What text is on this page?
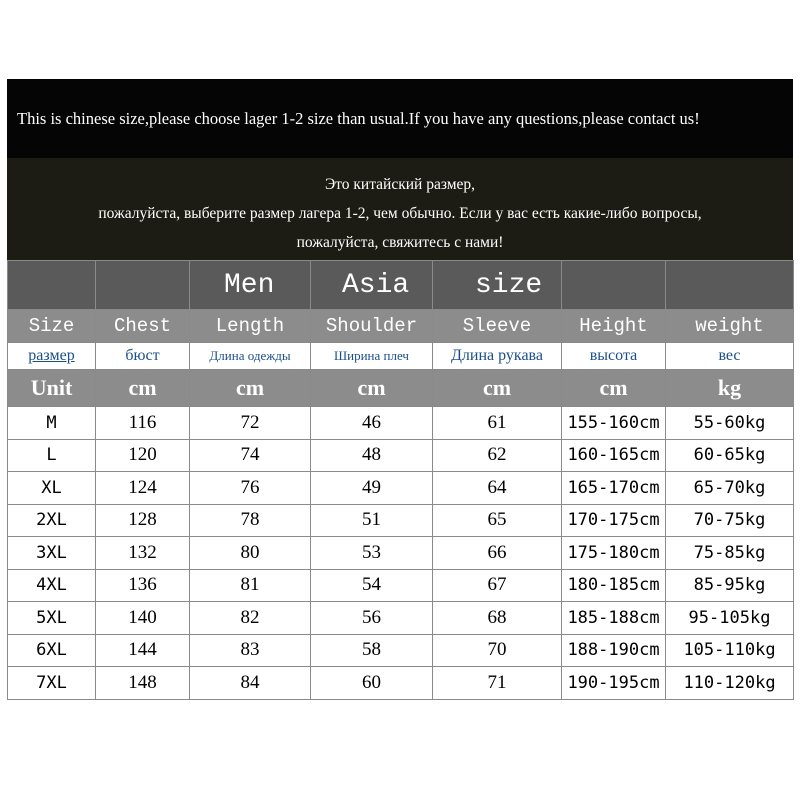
This is chinese size,please choose lager 1-2 size than usual.If you have any questions,please contact us!
Это китайский размер,
пожалуйста, выберите размер лагера 1-2, чем обычно. Если у вас есть какие-либо вопросы,
пожалуйста, свяжитесь с нами!
		Men	Asia	size		
Size	Chest	Length	Shoulder	Sleeve	Height	weight
размер	бюст	Длина одежды	Ширина плеч	Длина рукава	высота	вес
Unit	cm	cm	cm	cm	cm	kg
M	116	72	46	61	155-160cm	55-60kg
L	120	74	48	62	160-165cm	60-65kg
XL	124	76	49	64	165-170cm	65-70kg
2XL	128	78	51	65	170-175cm	70-75kg
3XL	132	80	53	66	175-180cm	75-85kg
4XL	136	81	54	67	180-185cm	85-95kg
5XL	140	82	56	68	185-188cm	95-105kg
6XL	144	83	58	70	188-190cm	105-110kg
7XL	148	84	60	71	190-195cm	110-120kg
